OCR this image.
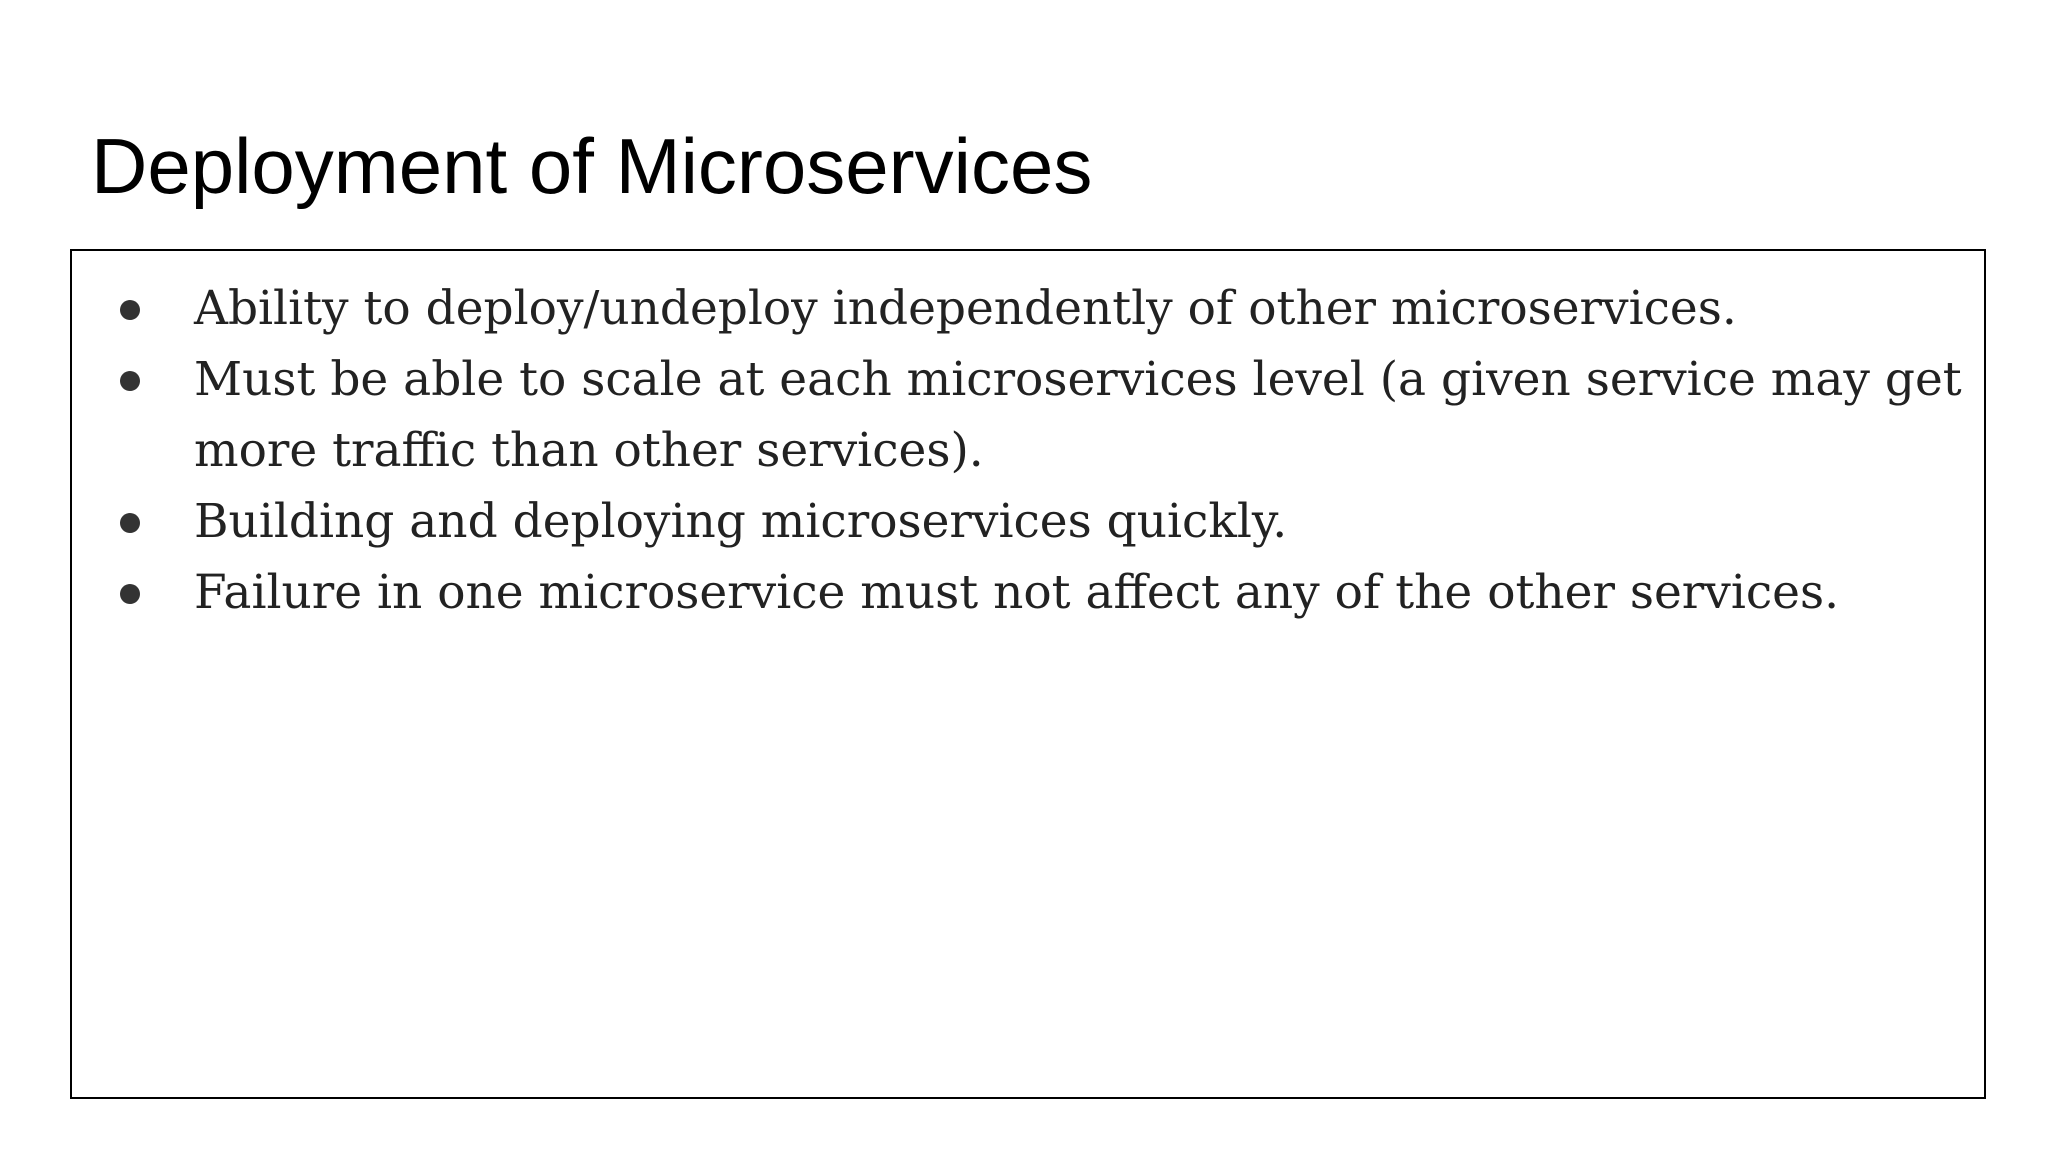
Deployment of Microservices
Ability to deploy/undeploy independently of other microservices.
Must be able to scale at each microservices level (a given service may get more traffic than other services).
Building and deploying microservices quickly.
Failure in one microservice must not affect any of the other services.
